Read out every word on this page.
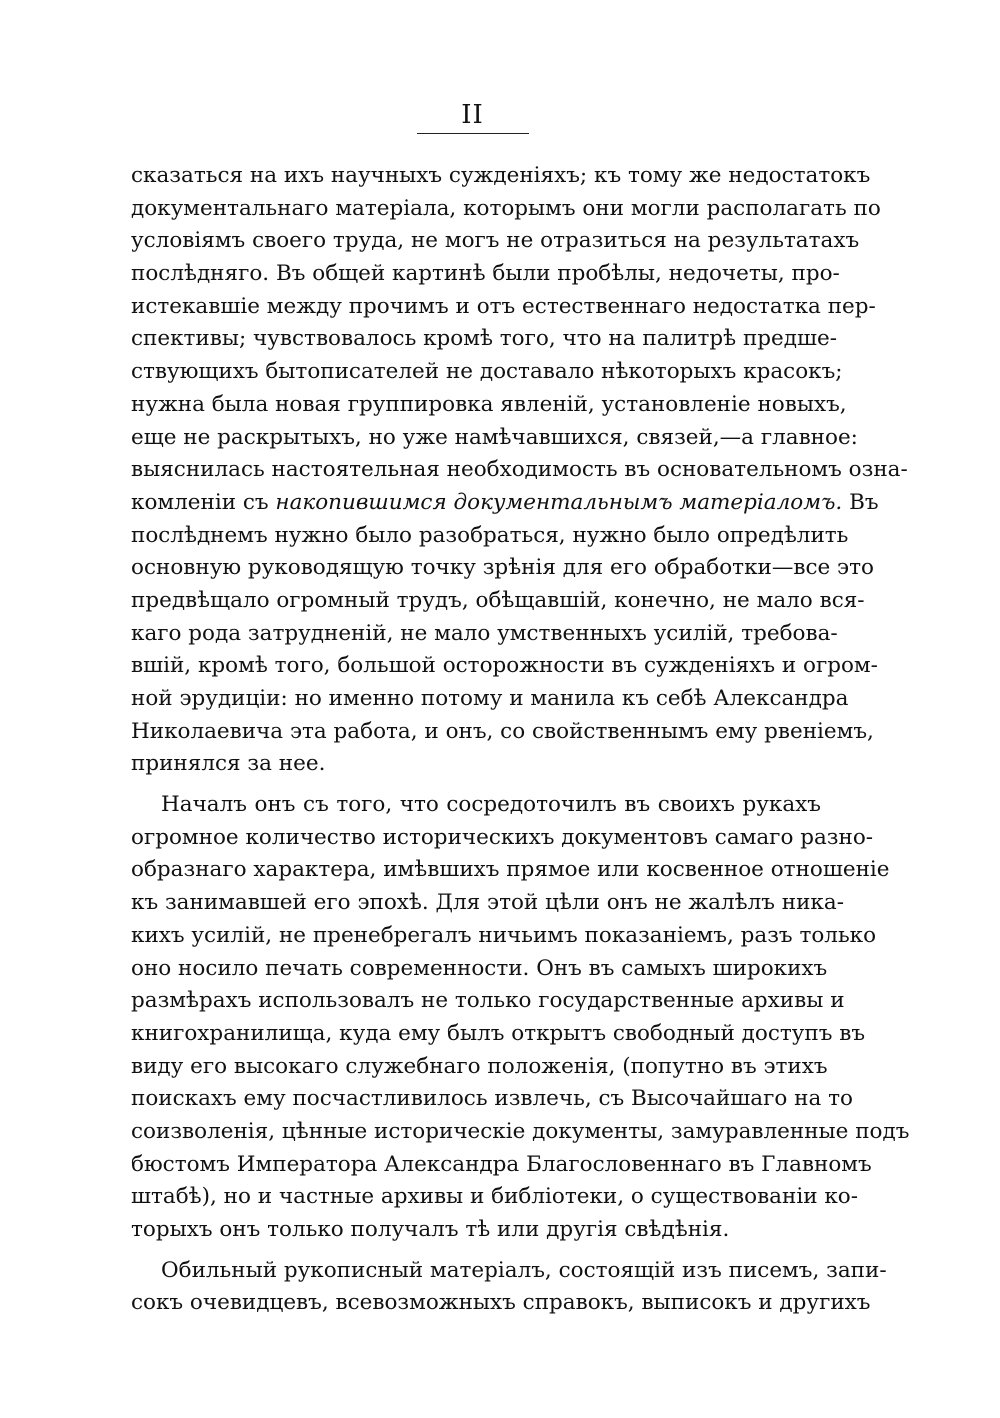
II
сказаться на ихъ научныхъ сужденіяхъ; къ тому же недостатокъ
документальнаго матеріала, которымъ они могли располагать по
условіямъ своего труда, не могъ не отразиться на результатахъ
послѣдняго. Въ общей картинѣ были пробѣлы, недочеты, про-
истекавшіе между прочимъ и отъ естественнаго недостатка пер-
спективы; чувствовалось кромѣ того, что на палитрѣ предше-
ствующихъ бытописателей не доставало нѣкоторыхъ красокъ;
нужна была новая группировка явленій, установленіе новыхъ,
еще не раскрытыхъ, но уже намѣчавшихся, связей,—а главное:
выяснилась настоятельная необходимость въ основательномъ озна-
комленіи съ накопившимся документальнымъ матеріаломъ. Въ
послѣднемъ нужно было разобраться, нужно было опредѣлить
основную руководящую точку зрѣнія для его обработки—все это
предвѣщало огромный трудъ, обѣщавшій, конечно, не мало вся-
каго рода затрудненій, не мало умственныхъ усилій, требова-
вшій, кромѣ того, большой осторожности въ сужденіяхъ и огром-
ной эрудиціи: но именно потому и манила къ себѣ Александра
Николаевича эта работа, и онъ, со свойственнымъ ему рвеніемъ,
принялся за нее.
Началъ онъ съ того, что сосредоточилъ въ своихъ рукахъ
огромное количество историческихъ документовъ самаго разно-
образнаго характера, имѣвшихъ прямое или косвенное отношеніе
къ занимавшей его эпохѣ. Для этой цѣли онъ не жалѣлъ ника-
кихъ усилій, не пренебрегалъ ничьимъ показаніемъ, разъ только
оно носило печать современности. Онъ въ самыхъ широкихъ
размѣрахъ использовалъ не только государственные архивы и
книгохранилища, куда ему былъ открытъ свободный доступъ въ
виду его высокаго служебнаго положенія, (попутно въ этихъ
поискахъ ему посчастливилось извлечь, съ Высочайшаго на то
соизволенія, цѣнные историческіе документы, замуравленные подъ
бюстомъ Императора Александра Благословеннаго въ Главномъ
штабѣ), но и частные архивы и библіотеки, о существованіи ко-
торыхъ онъ только получалъ тѣ или другія свѣдѣнія.
Обильный рукописный матеріалъ, состоящій изъ писемъ, запи-
сокъ очевидцевъ, всевозможныхъ справокъ, выписокъ и другихъ
